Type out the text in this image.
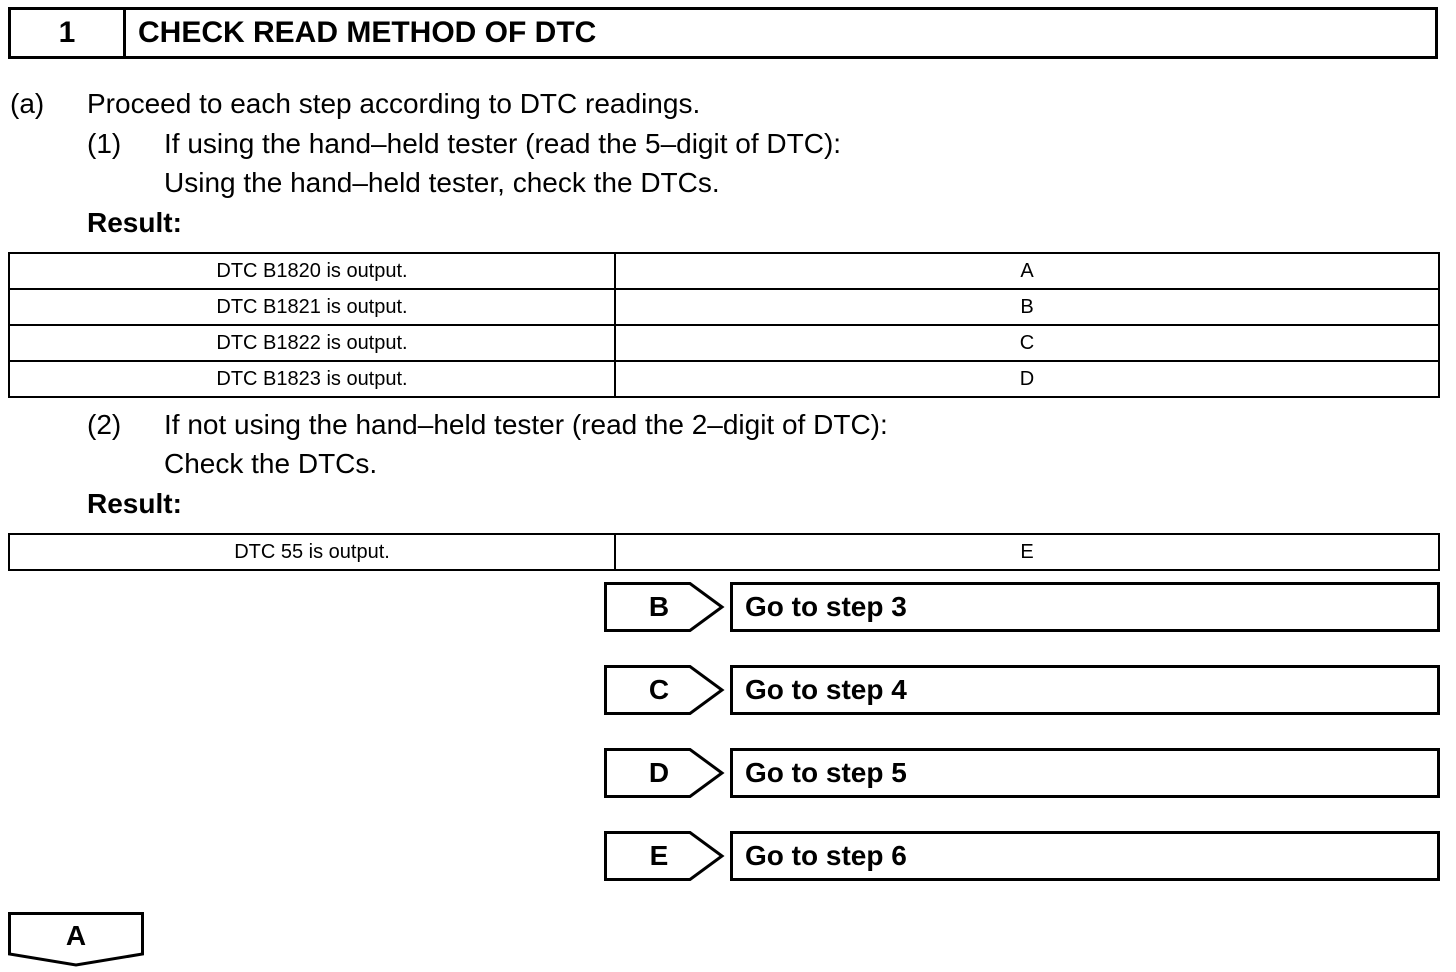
1	CHECK READ METHOD OF DTC
(a) Proceed to each step according to DTC readings.
(1) If using the hand–held tester (read the 5–digit of DTC):
Using the hand–held tester, check the DTCs.
Result:
DTC B1820 is output.	A
DTC B1821 is output.	B
DTC B1822 is output.	C
DTC B1823 is output.	D
(2) If not using the hand–held tester (read the 2–digit of DTC):
Check the DTCs.
Result:
DTC 55 is output.	E
B	Go to step 3
C	Go to step 4
D	Go to step 5
E	Go to step 6
A
